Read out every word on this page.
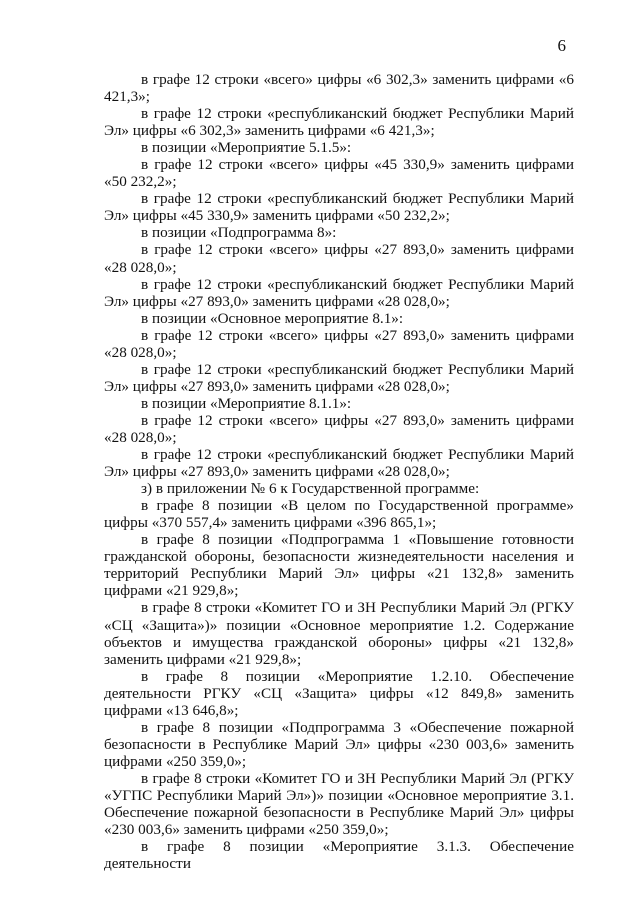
6

в графе 12 строки «всего» цифры «6 302,3» заменить цифрами «6 421,3»;

в графе 12 строки «республиканский бюджет Республики Марий Эл» цифры «6 302,3» заменить цифрами «6 421,3»;

в позиции «Мероприятие 5.1.5»:

в графе 12 строки «всего» цифры «45 330,9» заменить цифрами «50 232,2»;

в графе 12 строки «республиканский бюджет Республики Марий Эл» цифры «45 330,9» заменить цифрами «50 232,2»;

в позиции «Подпрограмма 8»:

в графе 12 строки «всего» цифры «27 893,0» заменить цифрами «28 028,0»;

в графе 12 строки «республиканский бюджет Республики Марий Эл» цифры «27 893,0» заменить цифрами «28 028,0»;

в позиции «Основное мероприятие 8.1»:

в графе 12 строки «всего» цифры «27 893,0» заменить цифрами «28 028,0»;

в графе 12 строки «республиканский бюджет Республики Марий Эл» цифры «27 893,0» заменить цифрами «28 028,0»;

в позиции «Мероприятие 8.1.1»:

в графе 12 строки «всего» цифры «27 893,0» заменить цифрами «28 028,0»;

в графе 12 строки «республиканский бюджет Республики Марий Эл» цифры «27 893,0» заменить цифрами «28 028,0»;

з) в приложении № 6 к Государственной программе:

в графе 8 позиции «В целом по Государственной программе» цифры «370 557,4» заменить цифрами «396 865,1»;

в графе 8 позиции «Подпрограмма 1 «Повышение готовности гражданской обороны, безопасности жизнедеятельности населения и территорий Республики Марий Эл» цифры «21 132,8» заменить цифрами «21 929,8»;

в графе 8 строки «Комитет ГО и ЗН Республики Марий Эл (РГКУ «СЦ «Защита»)» позиции «Основное мероприятие 1.2. Содержание объектов и имущества гражданской обороны» цифры «21 132,8» заменить цифрами «21 929,8»;

в графе 8 позиции «Мероприятие 1.2.10. Обеспечение деятельности РГКУ «СЦ «Защита» цифры «12 849,8» заменить цифрами «13 646,8»;

в графе 8 позиции «Подпрограмма 3 «Обеспечение пожарной безопасности в Республике Марий Эл» цифры «230 003,6» заменить цифрами «250 359,0»;

в графе 8 строки «Комитет ГО и ЗН Республики Марий Эл (РГКУ «УГПС Республики Марий Эл»)» позиции «Основное мероприятие 3.1. Обеспечение пожарной безопасности в Республике Марий Эл» цифры «230 003,6» заменить цифрами «250 359,0»;

в графе 8 позиции «Мероприятие 3.1.3. Обеспечение деятельности
